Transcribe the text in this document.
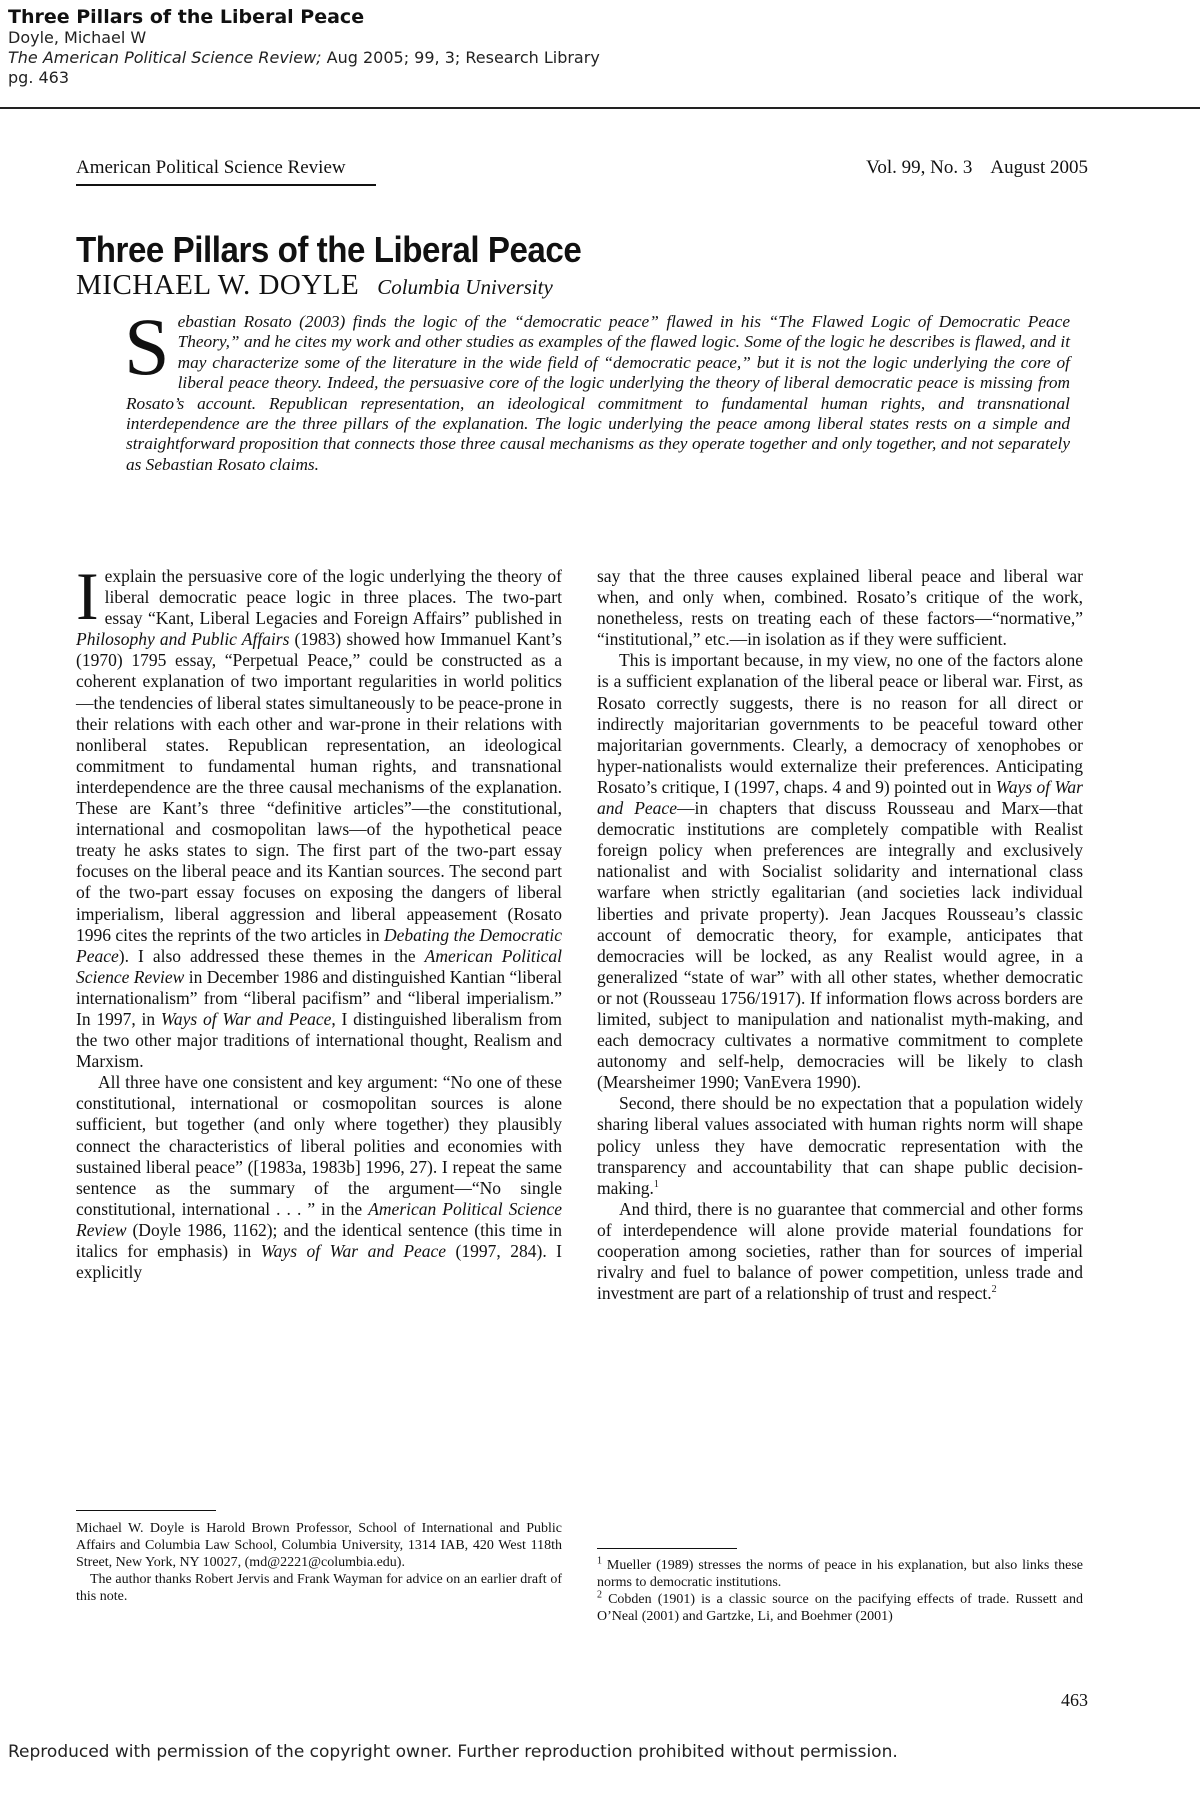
Three Pillars of the Liberal Peace
Doyle, Michael W
The American Political Science Review; Aug 2005; 99, 3; Research Library
pg. 463
American Political Science Review	Vol. 99, No. 3    August 2005
Three Pillars of the Liberal Peace
MICHAEL W. DOYLE Columbia University
Sebastian Rosato (2003) finds the logic of the “democratic peace” flawed in his “The Flawed Logic of Democratic Peace Theory,” and he cites my work and other studies as examples of the flawed logic. Some of the logic he describes is flawed, and it may characterize some of the literature in the wide field of “democratic peace,” but it is not the logic underlying the core of liberal peace theory. Indeed, the persuasive core of the logic underlying the theory of liberal democratic peace is missing from Rosato’s account. Republican representation, an ideological commitment to fundamental human rights, and transnational interdependence are the three pillars of the explanation. The logic underlying the peace among liberal states rests on a simple and straightforward proposition that connects those three causal mechanisms as they operate together and only together, and not separately as Sebastian Rosato claims.

Iexplain the persuasive core of the logic underlying the theory of liberal democratic peace logic in three places. The two-part essay “Kant, Liberal Legacies and Foreign Affairs” published in Philosophy and Public Affairs (1983) showed how Immanuel Kant’s (1970) 1795 essay, “Perpetual Peace,” could be constructed as a coherent explanation of two important regularities in world politics—the tendencies of liberal states simultaneously to be peace-prone in their relations with each other and war-prone in their relations with nonliberal states. Republican representation, an ideological commitment to fundamental human rights, and transnational interdependence are the three causal mechanisms of the explanation. These are Kant’s three “definitive articles”—the constitutional, international and cosmopolitan laws—of the hypothetical peace treaty he asks states to sign. The first part of the two-part essay focuses on the liberal peace and its Kantian sources. The second part of the two-part essay focuses on exposing the dangers of liberal imperialism, liberal aggression and liberal appeasement (Rosato 1996 cites the reprints of the two articles in Debating the Democratic Peace). I also addressed these themes in the American Political Science Review in December 1986 and distinguished Kantian “liberal internationalism” from “liberal pacifism” and “liberal imperialism.” In 1997, in Ways of War and Peace, I distinguished liberalism from the two other major traditions of international thought, Realism and Marxism.

All three have one consistent and key argument: “No one of these constitutional, international or cosmopolitan sources is alone sufficient, but together (and only where together) they plausibly connect the characteristics of liberal polities and economies with sustained liberal peace” ([1983a, 1983b] 1996, 27). I repeat the same sentence as the summary of the argument—“No single constitutional, international . . . ” in the American Political Science Review (Doyle 1986, 1162); and the identical sentence (this time in italics for emphasis) in Ways of War and Peace (1997, 284). I explicitly

say that the three causes explained liberal peace and liberal war when, and only when, combined. Rosato’s critique of the work, nonetheless, rests on treating each of these factors—“normative,” “institutional,” etc.—in isolation as if they were sufficient.

This is important because, in my view, no one of the factors alone is a sufficient explanation of the liberal peace or liberal war. First, as Rosato correctly suggests, there is no reason for all direct or indirectly majoritarian governments to be peaceful toward other majoritarian governments. Clearly, a democracy of xenophobes or hyper-nationalists would externalize their preferences. Anticipating Rosato’s critique, I (1997, chaps. 4 and 9) pointed out in Ways of War and Peace—in chapters that discuss Rousseau and Marx—that democratic institutions are completely compatible with Realist foreign policy when preferences are integrally and exclusively nationalist and with Socialist solidarity and international class warfare when strictly egalitarian (and societies lack individual liberties and private property). Jean Jacques Rousseau’s classic account of democratic theory, for example, anticipates that democracies will be locked, as any Realist would agree, in a generalized “state of war” with all other states, whether democratic or not (Rousseau 1756/1917). If information flows across borders are limited, subject to manipulation and nationalist myth-making, and each democracy cultivates a normative commitment to complete autonomy and self-help, democracies will be likely to clash (Mearsheimer 1990; VanEvera 1990).

Second, there should be no expectation that a population widely sharing liberal values associated with human rights norm will shape policy unless they have democratic representation with the transparency and accountability that can shape public decision-making.$^1$

And third, there is no guarantee that commercial and other forms of interdependence will alone provide material foundations for cooperation among societies, rather than for sources of imperial rivalry and fuel to balance of power competition, unless trade and investment are part of a relationship of trust and respect.$^2$

Michael W. Doyle is Harold Brown Professor, School of International and Public Affairs and Columbia Law School, Columbia University, 1314 IAB, 420 West 118th Street, New York, NY 10027, (md@2221@columbia.edu).

The author thanks Robert Jervis and Frank Wayman for advice on an earlier draft of this note.

$^1$ Mueller (1989) stresses the norms of peace in his explanation, but also links these norms to democratic institutions.

$^2$ Cobden (1901) is a classic source on the pacifying effects of trade. Russett and O’Neal (2001) and Gartzke, Li, and Boehmer (2001)

463
Reproduced with permission of the copyright owner. Further reproduction prohibited without permission.
